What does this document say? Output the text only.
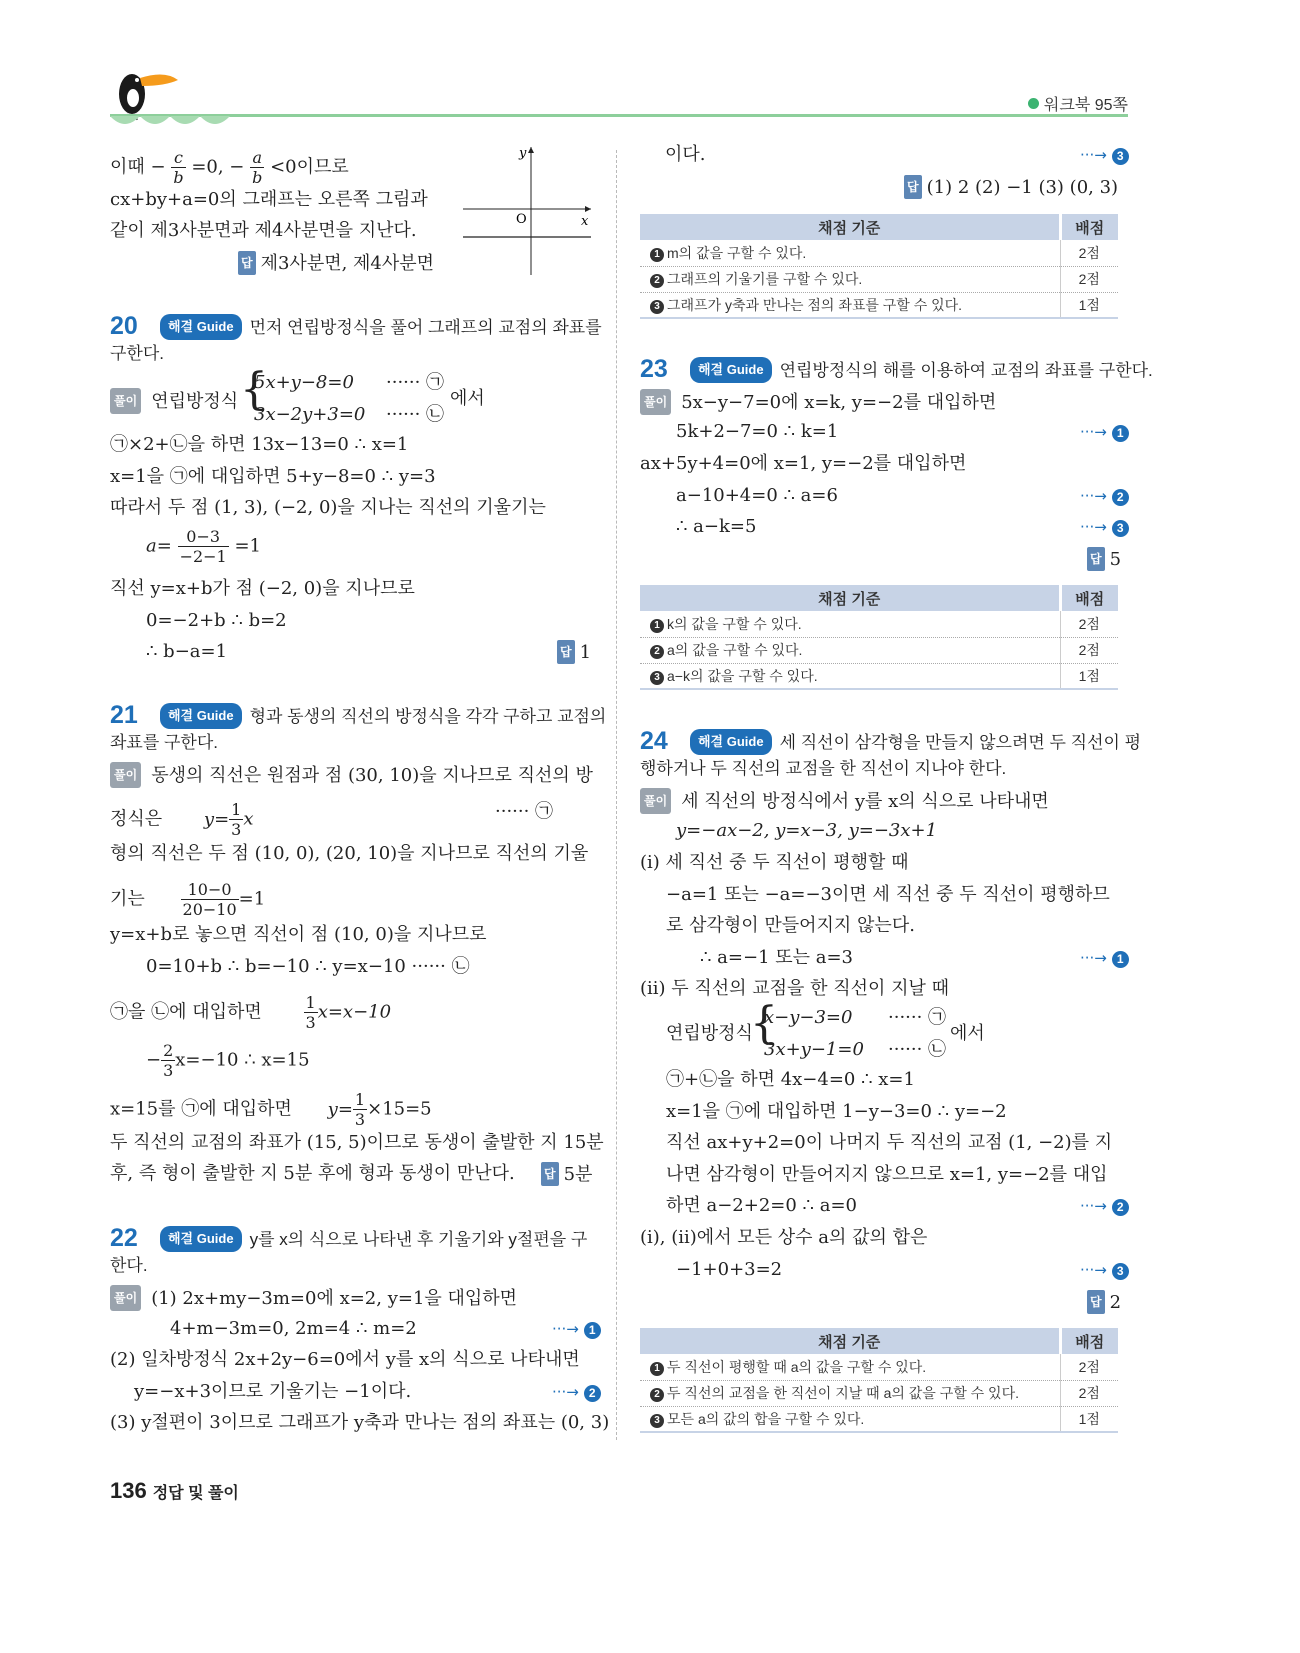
워크북 95쪽
이때 − $\frac{c}{b} =0$, − $\frac{a}{b} <0$이므로
cx+by+a=0의 그래프는 오른쪽 그림과
같이 제3사분면과 제4사분면을 지난다.
답 제3사분면, 제4사분면
y
x
O
20	해결 Guide 먼저 연립방정식을 풀어 그래프의 교점의 좌표를
구한다.
풀이 연립방정식 {
5x+y−8=0 ······ ㉠
3x−2y+3=0 ······ ㉡
에서
㉠×2+㉡을 하면 13x−13=0 ∴ x=1
x=1을 ㉠에 대입하면 5+y−8=0 ∴ y=3
따라서 두 점 (1, 3), (−2, 0)을 지나는 직선의 기울기는
$a= \frac{0-3}{-2-1} =1$
직선 y=x+b가 점 (−2, 0)을 지나므로
0=−2+b ∴ b=2
∴ b−a=1	답 1
21	해결 Guide 형과 동생의 직선의 방정식을 각각 구하고 교점의
좌표를 구한다.
풀이 동생의 직선은 원점과 점 (30, 10)을 지나므로 직선의 방
정식은 $y= \frac{1}{3}$ x	······ ㉠
형의 직선은 두 점 (10, 0), (20, 10)을 지나므로 직선의 기울
기는 $\frac{10-0}{20-10} =1$
y=x+b로 놓으면 직선이 점 (10, 0)을 지나므로
0=10+b ∴ b=−10 ∴ y=x−10 ······ ㉡
㉠을 ㉡에 대입하면	$\frac{1}{3} x=x-10$
− $\frac{2}{3} x=-10$ ∴ x=15
x=15를 ㉠에 대입하면 $y= \frac{1}{3} \times 15=5$
두 직선의 교점의 좌표가 (15, 5)이므로 동생이 출발한 지 15분
후, 즉 형이 출발한 지 5분 후에 형과 동생이 만난다. 답 5분
22	해결 Guide y를 x의 식으로 나타낸 후 기울기와 y절편을 구
한다.
풀이 (1) 2x+my−3m=0에 x=2, y=1을 대입하면
4+m−3m=0, 2m=4 ∴ m=2	···→ 1
(2) 일차방정식 2x+2y−6=0에서 y를 x의 식으로 나타내면
y=−x+3이므로 기울기는 −1이다.	···→ 2
(3) y절편이 3이므로 그래프가 y축과 만나는 점의 좌표는 (0, 3)
이다.	···→ 3
답 (1) 2 (2) −1 (3) (0, 3)
채점 기준	배점
1 m의 값을 구할 수 있다.	2점
2 그래프의 기울기를 구할 수 있다.	2점
3 그래프가 y축과 만나는 점의 좌표를 구할 수 있다.	1점
23	해결 Guide 연립방정식의 해를 이용하여 교점의 좌표를 구한다.
풀이 5x−y−7=0에 x=k, y=−2를 대입하면
5k+2−7=0 ∴ k=1	···→ 1
ax+5y+4=0에 x=1, y=−2를 대입하면
a−10+4=0 ∴ a=6	···→ 2
∴ a−k=5	···→ 3
답 5
채점 기준	배점
1 k의 값을 구할 수 있다.	2점
2 a의 값을 구할 수 있다.	2점
3 a−k의 값을 구할 수 있다.	1점
24	해결 Guide 세 직선이 삼각형을 만들지 않으려면 두 직선이 평
행하거나 두 직선의 교점을 한 직선이 지나야 한다.
풀이 세 직선의 방정식에서 y를 x의 식으로 나타내면
y=−ax−2, y=x−3, y=−3x+1
(i) 세 직선 중 두 직선이 평행할 때
−a=1 또는 −a=−3이면 세 직선 중 두 직선이 평행하므
로 삼각형이 만들어지지 않는다.
∴ a=−1 또는 a=3	···→ 1
(ii) 두 직선의 교점을 한 직선이 지날 때
연립방정식
{
x−y−3=0 ······ ㉠
3x+y−1=0 ······ ㉡
에서
㉠+㉡을 하면 4x−4=0 ∴ x=1
x=1을 ㉠에 대입하면 1−y−3=0 ∴ y=−2
직선 ax+y+2=0이 나머지 두 직선의 교점 (1, −2)를 지
나면 삼각형이 만들어지지 않으므로 x=1, y=−2를 대입
하면 a−2+2=0 ∴ a=0	···→ 2
(i), (ii)에서 모든 상수 a의 값의 합은
−1+0+3=2	···→ 3
답 2
채점 기준	배점
1 두 직선이 평행할 때 a의 값을 구할 수 있다.	2점
2 두 직선의 교점을 한 직선이 지날 때 a의 값을 구할 수 있다.	2점
3 모든 a의 값의 합을 구할 수 있다.	1점
136 정답 및 풀이
